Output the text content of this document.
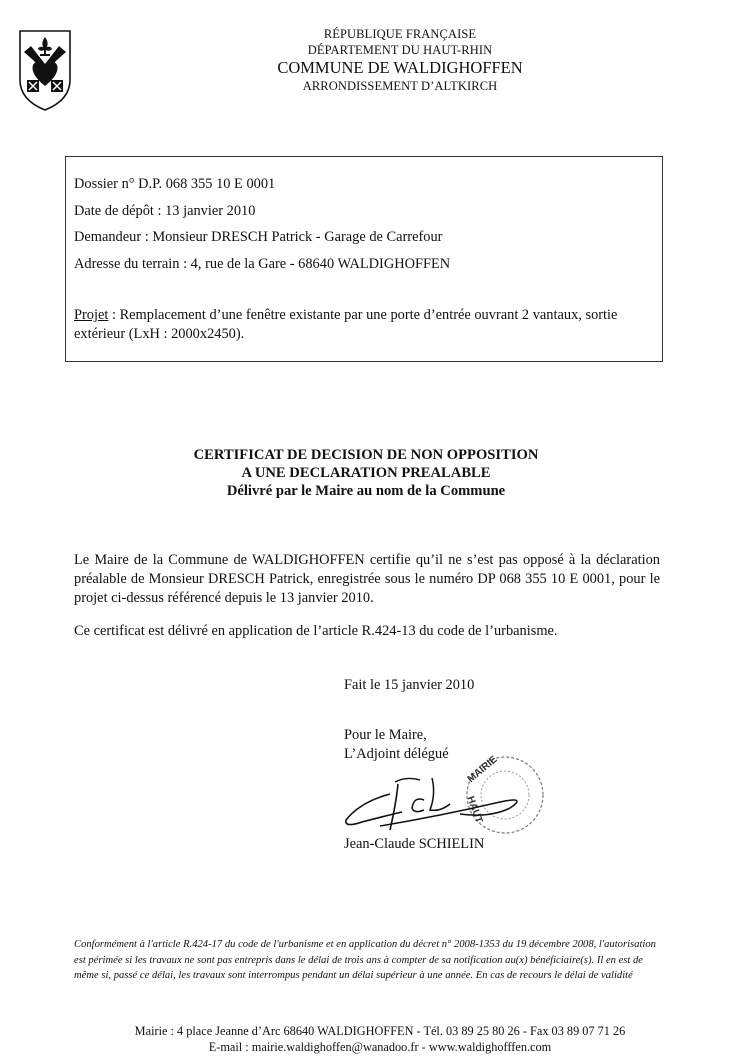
RÉPUBLIQUE FRANÇAISE
DÉPARTEMENT DU HAUT-RHIN
COMMUNE DE WALDIGHOFFEN
ARRONDISSEMENT D’ALTKIRCH
Dossier n° D.P. 068 355 10 E 0001
Date de dépôt : 13 janvier 2010
Demandeur : Monsieur DRESCH Patrick - Garage de Carrefour
Adresse du terrain : 4, rue de la Gare - 68640 WALDIGHOFFEN
Projet : Remplacement d’une fenêtre existante par une porte d’entrée ouvrant 2 vantaux, sortie extérieur (LxH : 2000x2450).
CERTIFICAT DE DECISION DE NON OPPOSITION
A UNE DECLARATION PREALABLE
Délivré par le Maire au nom de la Commune
Le Maire de la Commune de WALDIGHOFFEN certifie qu’il ne s’est pas opposé à la déclaration préalable de Monsieur DRESCH Patrick, enregistrée sous le numéro DP 068 355 10 E 0001, pour le projet ci-dessus référencé depuis le 13 janvier 2010.
Ce certificat est délivré en application de l’article R.424-13 du code de l’urbanisme.
Fait le 15 janvier 2010
Pour le Maire,
L’Adjoint délégué
MAIRIE
HAUT
Jean-Claude SCHIELIN
Conformément à l'article R.424-17 du code de l'urbanisme et en application du décret n° 2008-1353 du 19 décembre 2008, l'autorisation est périmée si les travaux ne sont pas entrepris dans le délai de trois ans à compter de sa notification au(x) bénéficiaire(s). Il en est de même si, passé ce délai, les travaux sont interrompus pendant un délai supérieur à une année. En cas de recours le délai de validité
Mairie : 4 place Jeanne d’Arc 68640 WALDIGHOFFEN - Tél. 03 89 25 80 26 - Fax 03 89 07 71 26
E-mail : mairie.waldighoffen@wanadoo.fr - www.waldighofffen.com
